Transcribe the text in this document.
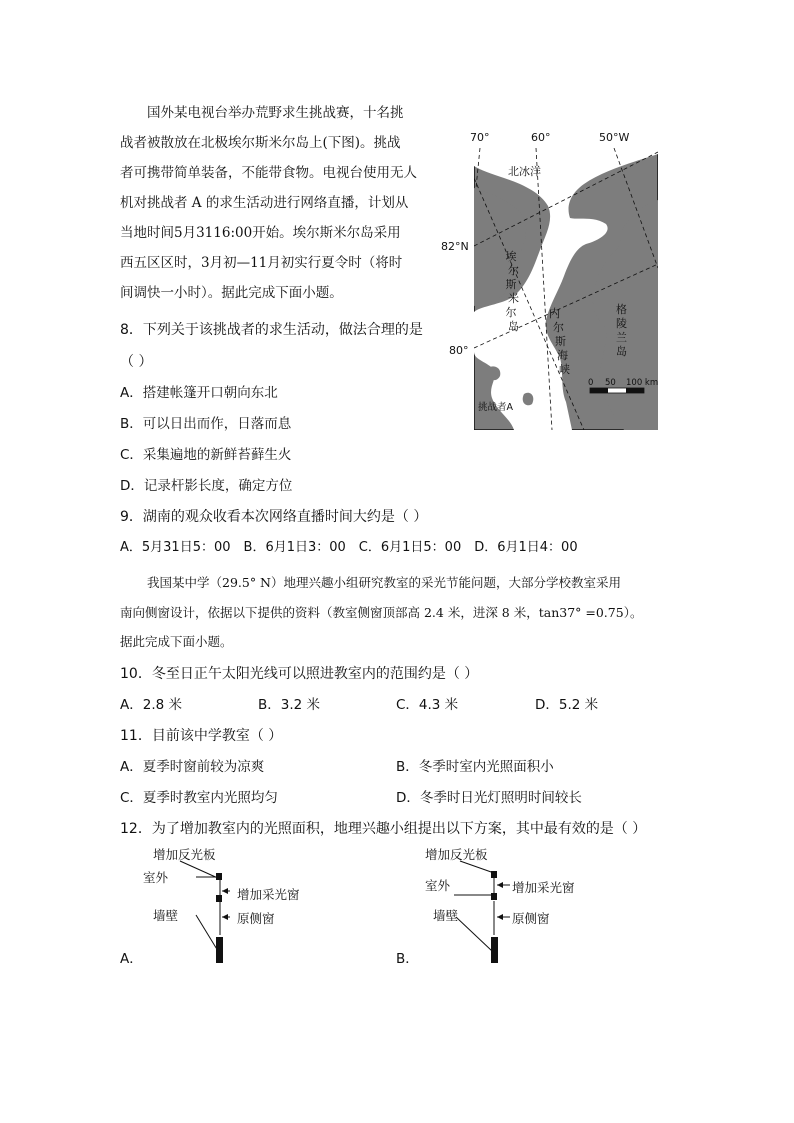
国外某电视台举办荒野求生挑战赛，十名挑
战者被散放在北极埃尔斯米尔岛上(下图)。挑战
者可携带简单装备，不能带食物。电视台使用无人
机对挑战者 A 的求生活动进行网络直播，计划从
当地时间5月3116:00开始。埃尔斯米尔岛采用
西五区区时，3月初—11月初实行夏令时（将时
间调快一小时）。据此完成下面小题。
70°	60°	50°W
82°N
80°
北冰洋
埃
尔
斯
米
尔
岛
内
尔
斯
海
峡
格
陵
兰
岛
挑战者A
0 50 100 km
8．下列关于该挑战者的求生活动，做法合理的是
（ ）
A．搭建帐篷开口朝向东北
B．可以日出而作，日落而息
C．采集遍地的新鲜苔藓生火
D．记录杆影长度，确定方位
9．湖南的观众收看本次网络直播时间大约是（ ）
A．5月31日5：00　B．6月1日3：00　C．6月1日5：00　D．6月1日4：00
我国某中学（29.5° N）地理兴趣小组研究教室的采光节能问题，大部分学校教室采用
南向侧窗设计，依据以下提供的资料（教室侧窗顶部高 2.4 米，进深 8 米，tan37° =0.75）。
据此完成下面小题。
10．冬至日正午太阳光线可以照进教室内的范围约是（ ）
A．2.8 米	B．3.2 米	C．4.3 米	D．5.2 米
11．目前该中学教室（ ）
A．夏季时窗前较为凉爽	B．冬季时室内光照面积小
C．夏季时教室内光照均匀	D．冬季时日光灯照明时间较长
12．为了增加教室内的光照面积，地理兴趣小组提出以下方案，其中最有效的是（ ）
增加反光板
室外
增加采光窗
墙壁	原侧窗
A．
增加反光板
室外	增加采光窗
墙壁	原侧窗
B．
